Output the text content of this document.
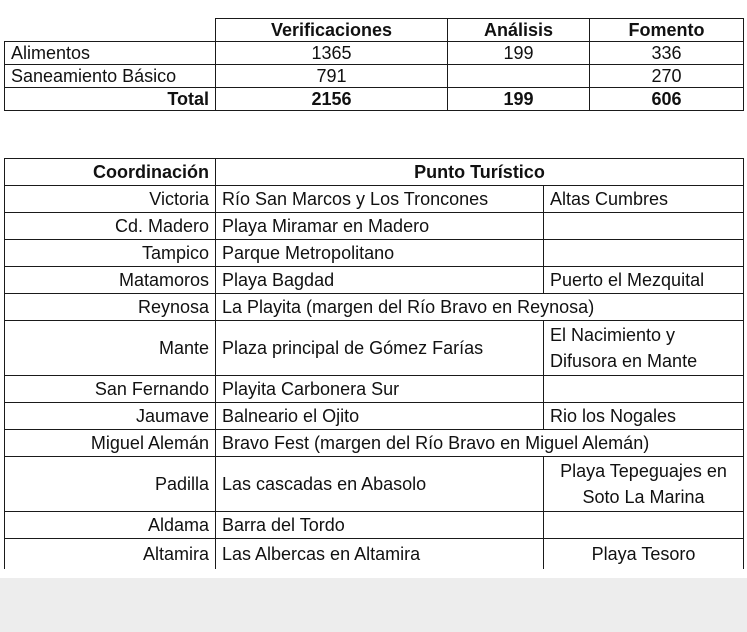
	Verificaciones	Análisis	Fomento
Alimentos	1365	199	336
Saneamiento Básico	791		270
Total	2156	199	606
Coordinación	Punto Turístico	
Victoria	Río San Marcos y Los Troncones	Altas Cumbres
Cd. Madero	Playa Miramar en Madero	
Tampico	Parque Metropolitano	
Matamoros	Playa Bagdad	Puerto el Mezquital
Reynosa	La Playita (margen del Río Bravo en Reynosa)	
Mante	Plaza principal de Gómez Farías	El Nacimiento y Difusora en Mante
San Fernando	Playita Carbonera Sur	
Jaumave	Balneario el Ojito	Rio los Nogales
Miguel Alemán	Bravo Fest (margen del Río Bravo en Miguel Alemán)	
Padilla	Las cascadas en Abasolo	Playa Tepeguajes en Soto La Marina
Aldama	Barra del Tordo	
Altamira	Las Albercas en Altamira	Playa Tesoro
